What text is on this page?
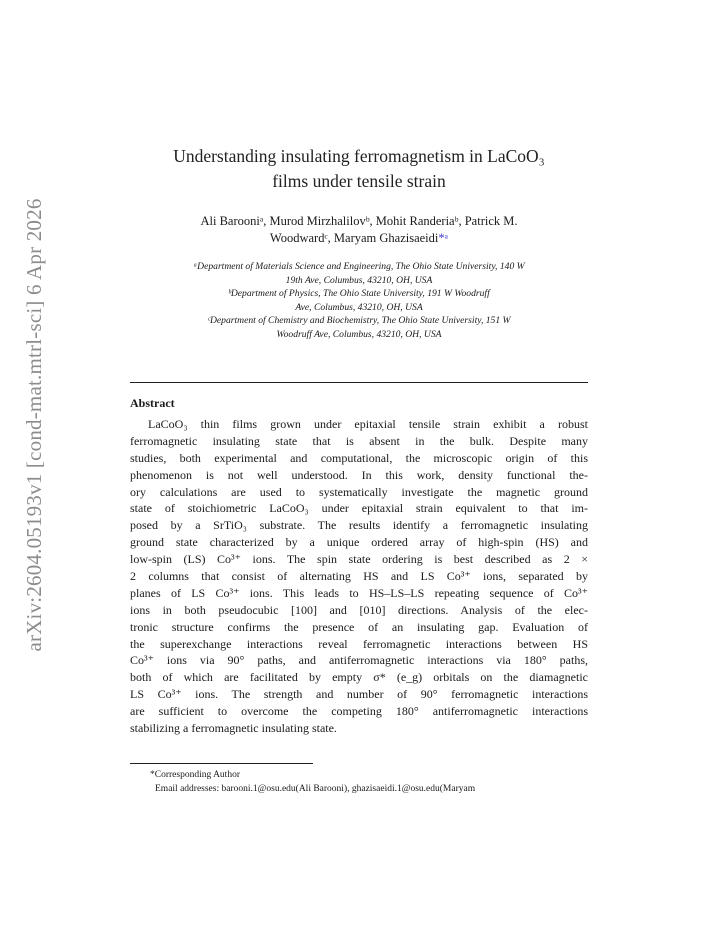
arXiv:2604.05193v1 [cond-mat.mtrl-sci] 6 Apr 2026
Understanding insulating ferromagnetism in LaCoO₃
films under tensile strain
Ali Barooniᵃ, Murod Mirzhalilovᵇ, Mohit Randeriaᵇ, Patrick M.
Woodwardᶜ, Maryam Ghazisaeidi*ᵃ
ᵃDepartment of Materials Science and Engineering, The Ohio State University, 140 W
19th Ave, Columbus, 43210, OH, USA
ᵇDepartment of Physics, The Ohio State University, 191 W Woodruff
Ave, Columbus, 43210, OH, USA
ᶜDepartment of Chemistry and Biochemistry, The Ohio State University, 151 W
Woodruff Ave, Columbus, 43210, OH, USA
Abstract
LaCoO₃ thin films grown under epitaxial tensile strain exhibit a robust
ferromagnetic insulating state that is absent in the bulk. Despite many
studies, both experimental and computational, the microscopic origin of this
phenomenon is not well understood. In this work, density functional the-
ory calculations are used to systematically investigate the magnetic ground
state of stoichiometric LaCoO₃ under epitaxial strain equivalent to that im-
posed by a SrTiO₃ substrate. The results identify a ferromagnetic insulating
ground state characterized by a unique ordered array of high-spin (HS) and
low-spin (LS) Co³⁺ ions. The spin state ordering is best described as 2 ×
2 columns that consist of alternating HS and LS Co³⁺ ions, separated by
planes of LS Co³⁺ ions. This leads to HS–LS–LS repeating sequence of Co³⁺
ions in both pseudocubic [100] and [010] directions. Analysis of the elec-
tronic structure confirms the presence of an insulating gap. Evaluation of
the superexchange interactions reveal ferromagnetic interactions between HS
Co³⁺ ions via 90° paths, and antiferromagnetic interactions via 180° paths,
both of which are facilitated by empty σ* (e_g) orbitals on the diamagnetic
LS Co³⁺ ions. The strength and number of 90° ferromagnetic interactions
are sufficient to overcome the competing 180° antiferromagnetic interactions
stabilizing a ferromagnetic insulating state.
*Corresponding Author
Email addresses: barooni.1@osu.edu(Ali Barooni), ghazisaeidi.1@osu.edu(Maryam
